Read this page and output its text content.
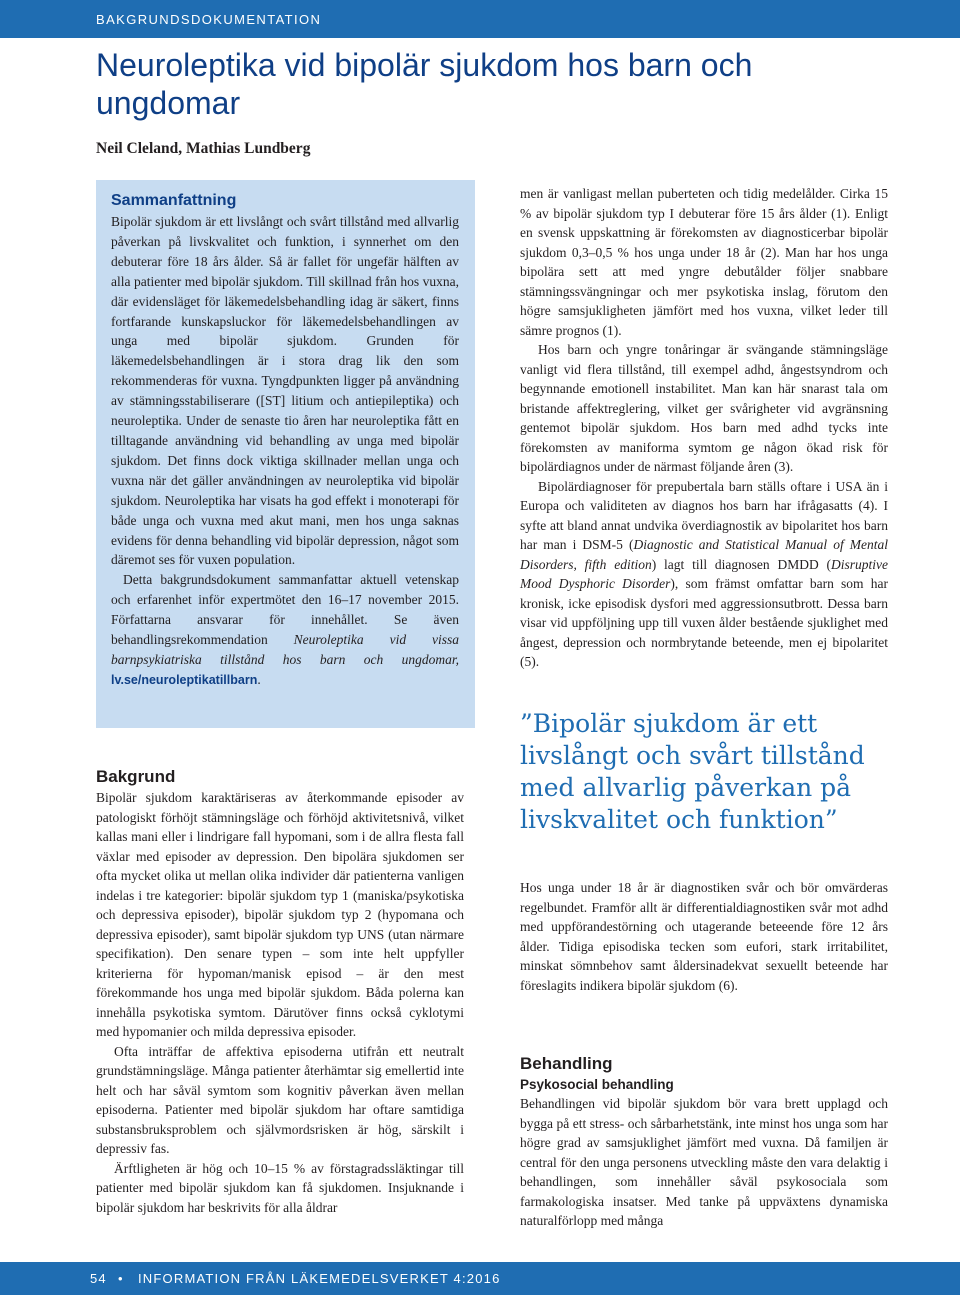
BAKGRUNDSDOKUMENTATION
Neuroleptika vid bipolär sjukdom hos barn och ungdomar
Neil Cleland, Mathias Lundberg
Sammanfattning

Bipolär sjukdom är ett livslångt och svårt tillstånd med allvarlig påverkan på livskvalitet och funktion, i synnerhet om den debuterar före 18 års ålder. Så är fallet för ungefär hälften av alla patienter med bipolär sjukdom. Till skillnad från hos vuxna, där evidensläget för läkemedelsbehandling idag är säkert, finns fortfarande kunskapsluckor för läkemedelsbehandlingen av unga med bipolär sjukdom. Grunden för läkemedelsbehandlingen är i stora drag lik den som rekommenderas för vuxna. Tyngdpunkten ligger på användning av stämningsstabiliserare ([ST] litium och antiepileptika) och neuroleptika. Under de senaste tio åren har neuroleptika fått en tilltagande användning vid behandling av unga med bipolär sjukdom. Det finns dock viktiga skillnader mellan unga och vuxna när det gäller användningen av neuroleptika vid bipolär sjukdom. Neuroleptika har visats ha god effekt i monoterapi för både unga och vuxna med akut mani, men hos unga saknas evidens för denna behandling vid bipolär depression, något som däremot ses för vuxen population.

Detta bakgrundsdokument sammanfattar aktuell vetenskap och erfarenhet inför expertmötet den 16–17 november 2015. Författarna ansvarar för innehållet. Se även behandlingsrekommendation Neuroleptika vid vissa barnpsykiatriska tillstånd hos barn och ungdomar, lv.se/neuroleptikatillbarn.

Bakgrund

Bipolär sjukdom karaktäriseras av återkommande episoder av patologiskt förhöjt stämningsläge och förhöjd aktivitetsnivå, vilket kallas mani eller i lindrigare fall hypomani, som i de allra flesta fall växlar med episoder av depression. Den bipolära sjukdomen ser ofta mycket olika ut mellan olika individer där patienterna vanligen indelas i tre kategorier: bipolär sjukdom typ 1 (maniska/psykotiska och depressiva episoder), bipolär sjukdom typ 2 (hypomana och depressiva episoder), samt bipolär sjukdom typ UNS (utan närmare specifikation). Den senare typen – som inte helt uppfyller kriterierna för hypoman/manisk episod – är den mest förekommande hos unga med bipolär sjukdom. Båda polerna kan innehålla psykotiska symtom. Därutöver finns också cyklotymi med hypomanier och milda depressiva episoder.

Ofta inträffar de affektiva episoderna utifrån ett neutralt grundstämningsläge. Många patienter återhämtar sig emellertid inte helt och har såväl symtom som kognitiv påverkan även mellan episoderna. Patienter med bipolär sjukdom har oftare samtidiga substansbruksproblem och självmordsrisken är hög, särskilt i depressiv fas.

Ärftligheten är hög och 10–15 % av förstagradssläktingar till patienter med bipolär sjukdom kan få sjukdomen. Insjuknande i bipolär sjukdom har beskrivits för alla åldrar

men är vanligast mellan puberteten och tidig medelålder. Cirka 15 % av bipolär sjukdom typ I debuterar före 15 års ålder (1). Enligt en svensk uppskattning är förekomsten av diagnosticerbar bipolär sjukdom 0,3–0,5 % hos unga under 18 år (2). Man har hos unga bipolära sett att med yngre debutålder följer snabbare stämningssvängningar och mer psykotiska inslag, förutom den högre samsjukligheten jämfört med hos vuxna, vilket leder till sämre prognos (1).

Hos barn och yngre tonåringar är svängande stämningsläge vanligt vid flera tillstånd, till exempel adhd, ångestsyndrom och begynnande emotionell instabilitet. Man kan här snarast tala om bristande affektreglering, vilket ger svårigheter vid avgränsning gentemot bipolär sjukdom. Hos barn med adhd tycks inte förekomsten av maniforma symtom ge någon ökad risk för bipolärdiagnos under de närmast följande åren (3).

Bipolärdiagnoser för prepubertala barn ställs oftare i USA än i Europa och validiteten av diagnos hos barn har ifrågasatts (4). I syfte att bland annat undvika överdiagnostik av bipolaritet hos barn har man i DSM-5 (Diagnostic and Statistical Manual of Mental Disorders, fifth edition) lagt till diagnosen DMDD (Disruptive Mood Dysphoric Disorder), som främst omfattar barn som har kronisk, icke episodisk dysfori med aggressionsutbrott. Dessa barn visar vid uppföljning upp till vuxen ålder bestående sjuklighet med ångest, depression och normbrytande beteende, men ej bipolaritet (5).

”Bipolär sjukdom är ett livslångt och svårt tillstånd med allvarlig påverkan på livskvalitet och funktion”

Hos unga under 18 år är diagnostiken svår och bör omvärderas regelbundet. Framför allt är differentialdiagnostiken svår mot adhd med uppförandestörning och utagerande beteeende före 12 års ålder. Tidiga episodiska tecken som eufori, stark irritabilitet, minskat sömnbehov samt åldersinadekvat sexuellt beteende har föreslagits indikera bipolär sjukdom (6).

Behandling
Psykosocial behandling

Behandlingen vid bipolär sjukdom bör vara brett upplagd och bygga på ett stress- och sårbarhetstänk, inte minst hos unga som har högre grad av samsjuklighet jämfört med vuxna. Då familjen är central för den unga personens utveckling måste den vara delaktig i behandlingen, som innehåller såväl psykosociala som farmakologiska insatser. Med tanke på uppväxtens dynamiska naturalförlopp med många

54 • INFORMATION FRÅN LÄKEMEDELSVERKET 4:2016
